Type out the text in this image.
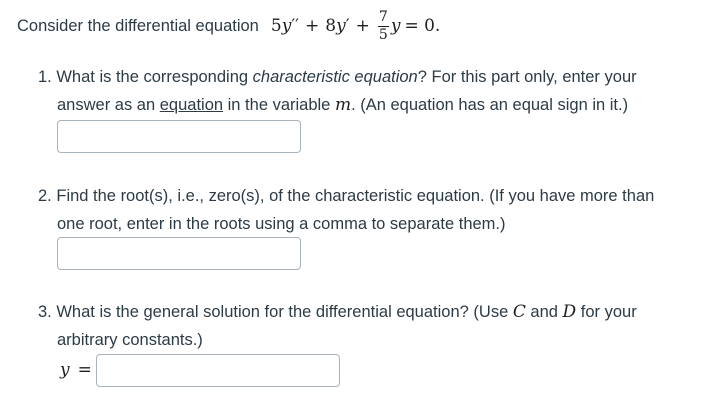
Consider the differential equation 5 y ′′ + 8 y ′ + $\frac{7}{5}$ y = 0.
1. What is the corresponding characteristic equation? For this part only, enter your
answer as an equation in the variable m. (An equation has an equal sign in it.)
2. Find the root(s), i.e., zero(s), of the characteristic equation. (If you have more than
one root, enter in the roots using a comma to separate them.)
3. What is the general solution for the differential equation? (Use C and D for your
arbitrary constants.)
y =
